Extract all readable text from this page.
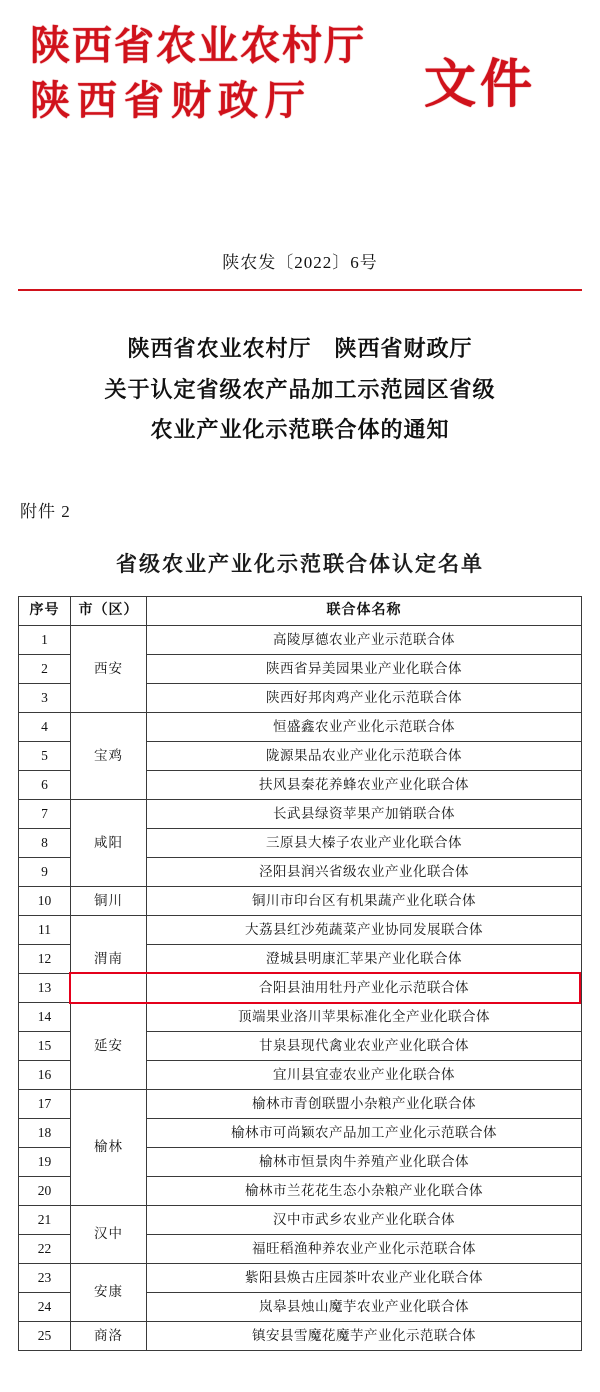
陕西省农业农村厅
陕西省财政厅	文件
陕农发〔2022〕6号
陕西省农业农村厅　陕西省财政厅
关于认定省级农产品加工示范园区省级
农业产业化示范联合体的通知
附件 2
省级农业产业化示范联合体认定名单
序号	市（区）	联合体名称
1	西安	高陵厚德农业产业示范联合体
2		陕西省异美园果业产业化联合体
3		陕西好邦肉鸡产业化示范联合体
4	宝鸡	恒盛鑫农业产业化示范联合体
5		陇源果品农业产业化示范联合体
6		扶风县秦花养蜂农业产业化联合体
7	咸阳	长武县绿资苹果产加销联合体
8		三原县大榛子农业产业化联合体
9		泾阳县润兴省级农业产业化联合体
10	铜川	铜川市印台区有机果蔬产业化联合体
11	渭南	大荔县红沙苑蔬菜产业协同发展联合体
12		澄城县明康汇苹果产业化联合体
13		合阳县油用牡丹产业化示范联合体

14	延安	顶端果业洛川苹果标准化全产业化联合体
15		甘泉县现代禽业农业产业化联合体
16		宜川县宜壶农业产业化联合体
17	榆林	榆林市青创联盟小杂粮产业化联合体
18		榆林市可尚颖农产品加工产业化示范联合体
19		榆林市恒景肉牛养殖产业化联合体
20		榆林市兰花花生态小杂粮产业化联合体
21	汉中	汉中市武乡农业产业化联合体
22		福旺稻渔种养农业产业化示范联合体
23	安康	紫阳县焕古庄园茶叶农业产业化联合体
24		岚皋县烛山魔芋农业产业化联合体
25	商洛	镇安县雪魔花魔芋产业化示范联合体
